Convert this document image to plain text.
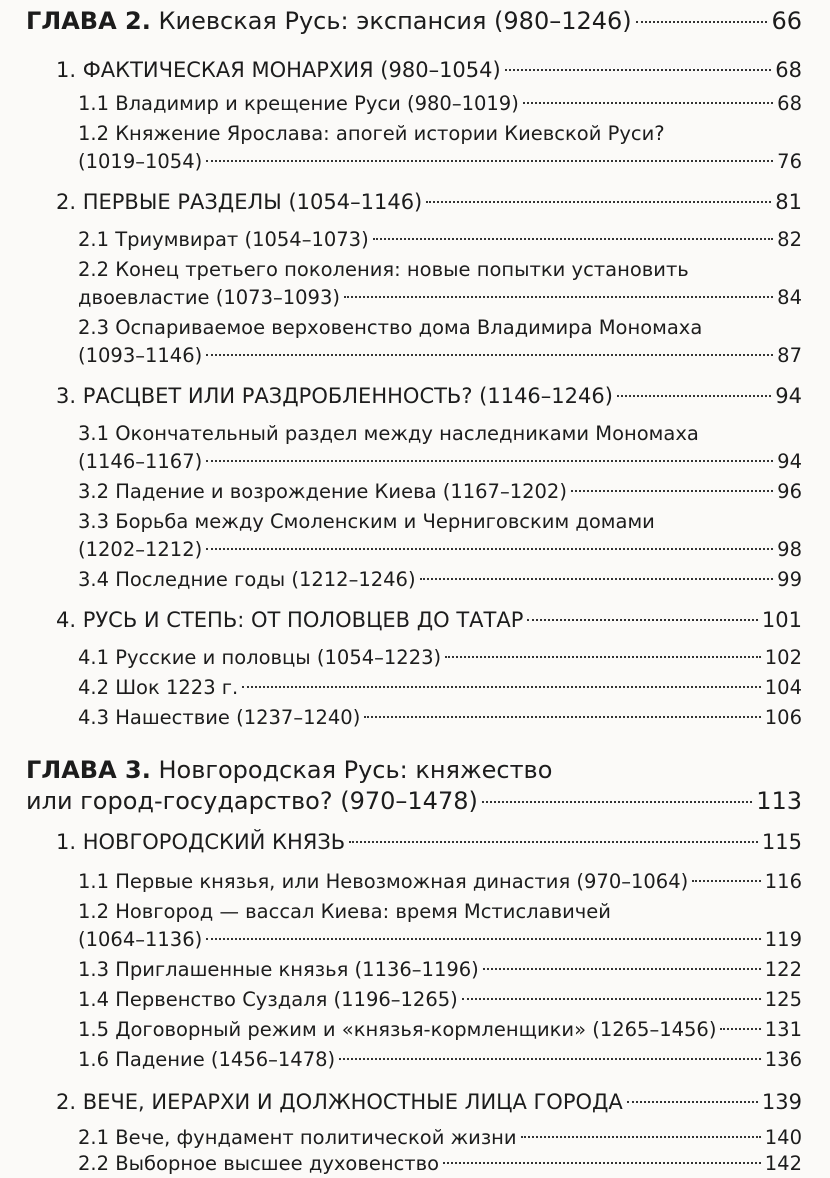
ГЛАВА 2. Киевская Русь: экспансия (980–1246)	66
1. ФАКТИЧЕСКАЯ МОНАРХИЯ (980–1054)	68
1.1 Владимир и крещение Руси (980–1019)	68
1.2 Княжение Ярослава: апогей истории Киевской Руси?
(1019–1054)	76
2. ПЕРВЫЕ РАЗДЕЛЫ (1054–1146)	81
2.1 Триумвират (1054–1073)	82
2.2 Конец третьего поколения: новые попытки установить
двоевластие (1073–1093)	84
2.3 Оспариваемое верховенство дома Владимира Мономаха
(1093–1146)	87
3. РАСЦВЕТ ИЛИ РАЗДРОБЛЕННОСТЬ? (1146–1246)	94
3.1 Окончательный раздел между наследниками Мономаха
(1146–1167)	94
3.2 Падение и возрождение Киева (1167–1202)	96
3.3 Борьба между Смоленским и Черниговским домами
(1202–1212)	98
3.4 Последние годы (1212–1246)	99
4. РУСЬ И СТЕПЬ: ОТ ПОЛОВЦЕВ ДО ТАТАР	101
4.1 Русские и половцы (1054–1223)	102
4.2 Шок 1223 г.	104
4.3 Нашествие (1237–1240)	106
ГЛАВА 3. Новгородская Русь: княжество
или город-государство? (970–1478)	113
1. НОВГОРОДСКИЙ КНЯЗЬ	115
1.1 Первые князья, или Невозможная династия (970–1064)	116
1.2 Новгород — вассал Киева: время Мстиславичей
(1064–1136)	119
1.3 Приглашенные князья (1136–1196)	122
1.4 Первенство Суздаля (1196–1265)	125
1.5 Договорный режим и «князья-кормленщики» (1265–1456) 131
1.6 Падение (1456–1478)	136
2. ВЕЧЕ, ИЕРАРХИ И ДОЛЖНОСТНЫЕ ЛИЦА ГОРОДА	139
2.1 Вече, фундамент политической жизни	140
2.2 Выборное высшее духовенство	142
